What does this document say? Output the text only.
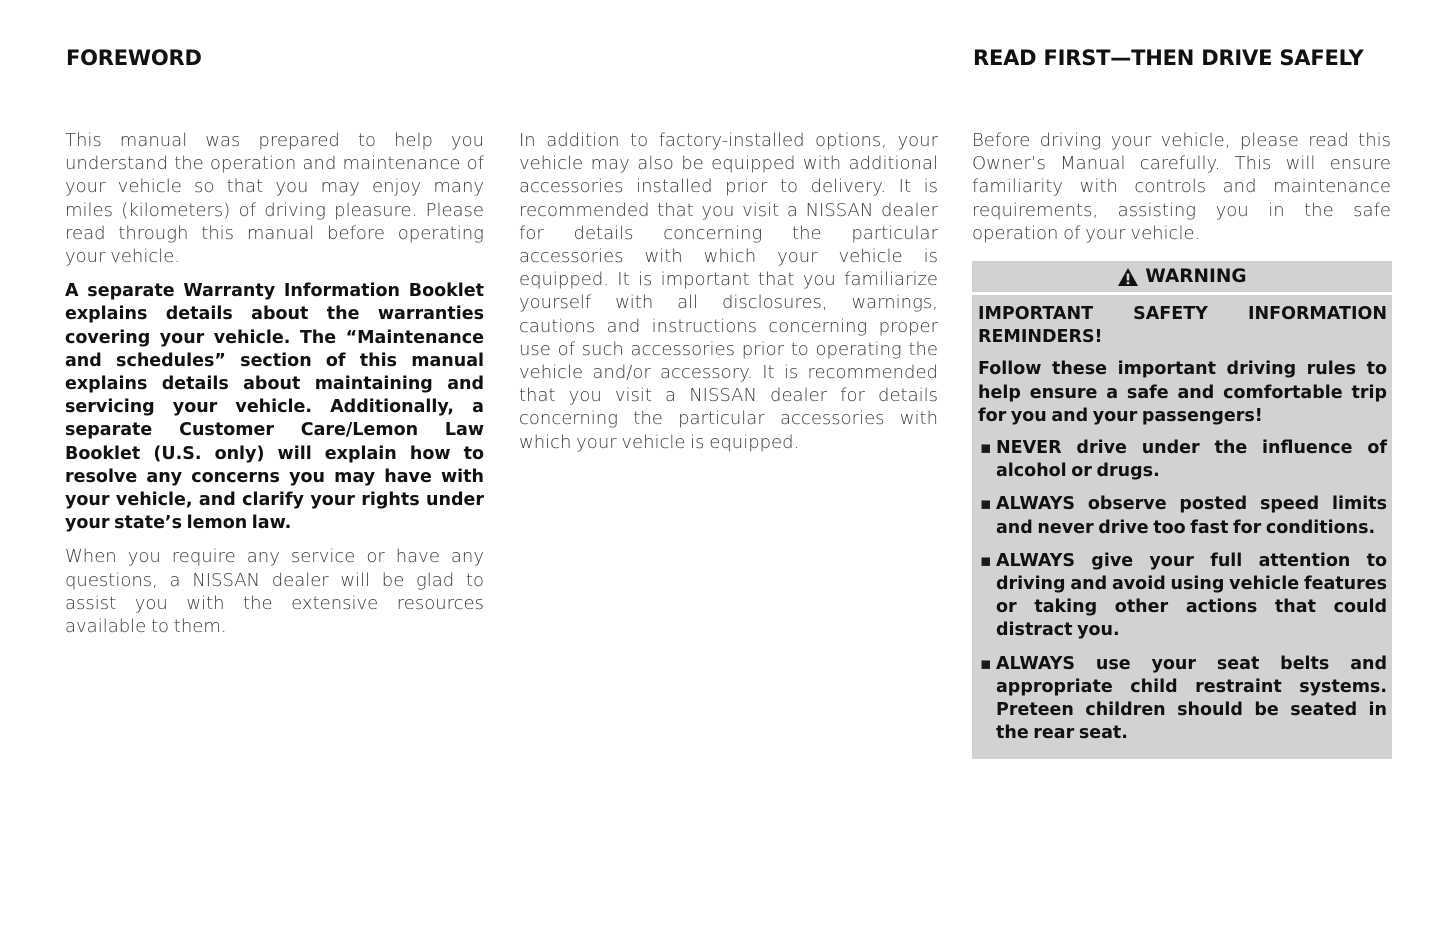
FOREWORD	READ FIRST—THEN DRIVE SAFELY

This manual was prepared to help you understand the operation and maintenance of your vehicle so that you may enjoy many miles (kilometers) of driving pleasure. Please read through this manual before operating your vehicle.

A separate Warranty Information Booklet explains details about the warranties covering your vehicle. The “Maintenance and schedules” section of this manual explains details about maintaining and servicing your vehicle. Additionally, a separate Customer Care/Lemon Law Booklet (U.S. only) will explain how to resolve any concerns you may have with your vehicle, and clarify your rights under your state’s lemon law.

When you require any service or have any questions, a NISSAN dealer will be glad to assist you with the extensive resources available to them.

In addition to factory-installed options, your vehicle may also be equipped with additional accessories installed prior to delivery. It is recommended that you visit a NISSAN dealer for details concerning the particular accessories with which your vehicle is equipped. It is important that you familiarize yourself with all disclosures, warnings, cautions and instructions concerning proper use of such accessories prior to operating the vehicle and/or accessory. It is recommended that you visit a NISSAN dealer for details concerning the particular accessories with which your vehicle is equipped.

Before driving your vehicle, please read this Owner’s Manual carefully. This will ensure familiarity with controls and maintenance requirements, assisting you in the safe operation of your vehicle.

WARNING

IMPORTANT SAFETY INFORMATION REMINDERS!

Follow these important driving rules to help ensure a safe and comfortable trip for you and your passengers!

▪ NEVER drive under the influence of alcohol or drugs.

▪ ALWAYS observe posted speed limits and never drive too fast for conditions.

▪ ALWAYS give your full attention to driving and avoid using vehicle features or taking other actions that could distract you.

▪ ALWAYS use your seat belts and appropriate child restraint systems. Preteen children should be seated in the rear seat.
